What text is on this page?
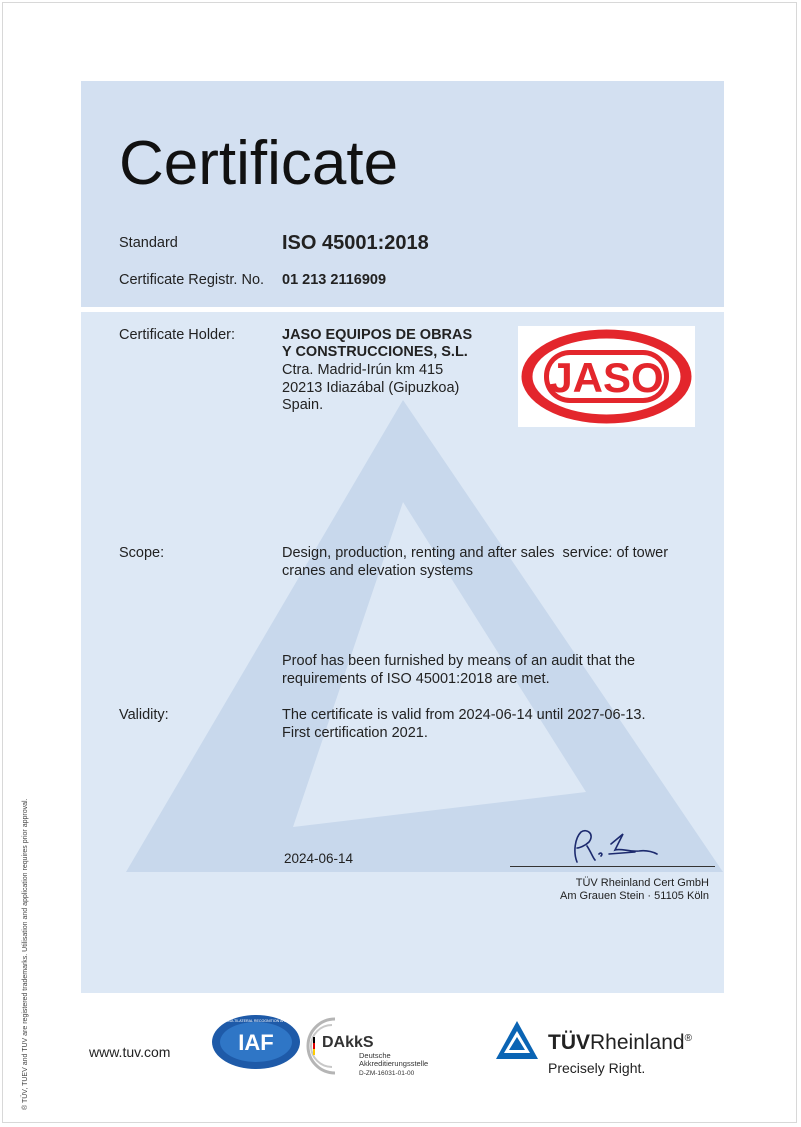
Certificate
Standard	ISO 45001:2018
Certificate Registr. No. 01 213 2116909
Certificate Holder:	JASO EQUIPOS DE OBRAS
Y CONSTRUCCIONES, S.L.
Ctra. Madrid-Irún km 415
20213 Idiazábal (Gipuzkoa)
Spain.
JASO
Scope:	Design, production, renting and after sales  service: of tower
cranes and elevation systems
Proof has been furnished by means of an audit that the
requirements of ISO 45001:2018 are met.
Validity:	The certificate is valid from 2024-06-14 until 2027-06-13.
First certification 2021.
2024-06-14
TÜV Rheinland Cert GmbH
Am Grauen Stein · 51105 Köln
® TÜV, TUEV and TUV are registered trademarks. Utilisation and application requires prior approval.	www.tuv.com	IAF
MEMBER OF MULTILATERAL RECOGNITION ARRANGEMENT
DAkkS
Deutsche
Akkreditierungsstelle
D-ZM-16031-01-00
TÜVRheinland®
Precisely Right.
